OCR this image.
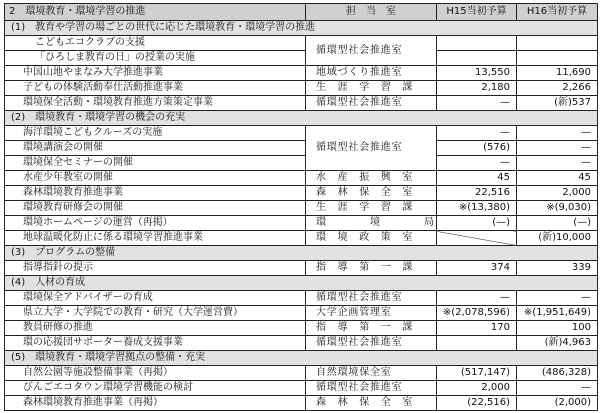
2　環境教育・環境学習の推進	担　当　室	H15当初予算	H16当初予算
(1)　教育や学習の場ごとの世代に応じた環境教育・環境学習の推進			
こどもエコクラブの支援	循環型社会推進室		
「ひろしま教育の日」の授業の実施			
中国山地やまなみ大学推進事業	地域づくり推進室	13,550	11,690
子どもの体験活動奉仕活動推進事業	生　涯　学　習　課	2,180	2,266
環境保全活動・環境教育推進方策策定事業	循環型社会推進室	—	(新)537
(2)　環境教育・環境学習の機会の充実			
海洋環境こどもクルーズの実施	循環型社会推進室	—	—
環境講演会の開催		(576)	—
環境保全セミナーの開催		—	—
水産少年教室の開催	水　産　振　興　室	45	45
森林環境教育推進事業	森　林　保　全　室	22,516	2,000
環境教育研修会の開催	生　涯　学　習　課	※(13,380)	※(9,030)
環境ホームページの運営（再掲）	環　　　　境　　　　局	(—)	(—)
地球温暖化防止に係る環境学習推進事業	環　境　政　策　室		(新)10,000
(3)　プログラムの整備			
指導指針の提示	指　導　第　一　課	374	339
(4)　人材の育成			
環境保全アドバイザーの育成	循環型社会推進室	—	—
県立大学・大学院での教育・研究（大学運営費）	大学企画管理室	※(2,078,596)	※(1,951,649)
教員研修の推進	指　導　第　一　課	170	100
環の応援団サポーター養成支援事業	循環型社会推進室		(新)4,963
(5)　環境教育・環境学習拠点の整備・充実			
自然公園等施設整備事業（再掲）	自然環境保全室	(517,147)	(486,328)
びんごエコタウン環境学習機能の検討	循環型社会推進室	2,000	—
森林環境教育推進事業（再掲）	森　林　保　全　室	(22,516)	(2,000)
